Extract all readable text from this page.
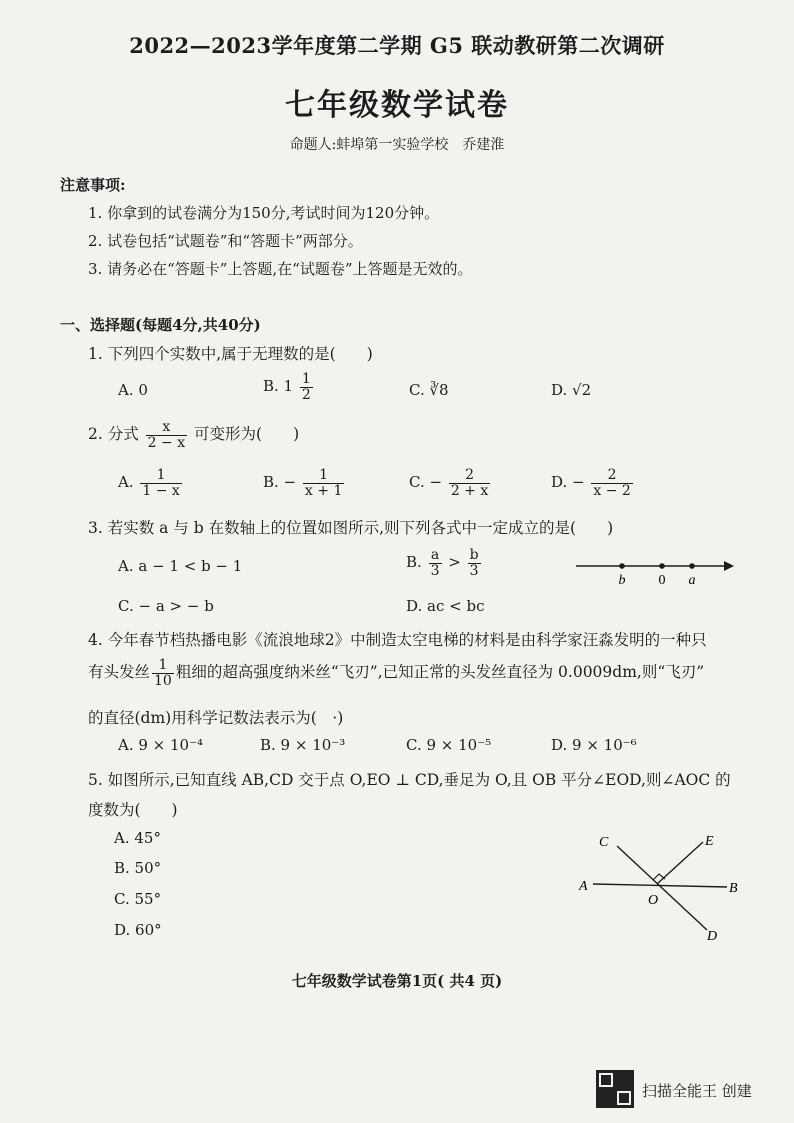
2022—2023学年度第二学期 G5 联动教研第二次调研
七年级数学试卷
命题人:蚌埠第一实验学校　乔建淮
注意事项:
1. 你拿到的试卷满分为150分,考试时间为120分钟。
2. 试卷包括“试题卷”和“答题卡”两部分。
3. 请务必在“答题卡”上答题,在“试题卷”上答题是无效的。
一、选择题(每题4分,共40分)
1. 下列四个实数中,属于无理数的是(　　)
A. 0	B. $1 \frac{1}{2}$	C. ∛8	D. √2
2. 分式 $\frac{x}{2 - x}$ 可变形为(　　)
A. $\frac{1}{1 - x}$	B. − $\frac{1}{x + 1}$	C. − $\frac{2}{2 + x}$	D. − $\frac{2}{x - 2}$
3. 若实数 a 与 b 在数轴上的位置如图所示,则下列各式中一定成立的是(　　)
A. a − 1 < b − 1	B. $\frac{a}{3} > \frac{b}{3}$
C. − a > − b	D. ac < bc
b 0 a
4. 今年春节档热播电影《流浪地球2》中制造太空电梯的材料是由科学家汪淼发明的一种只
有头发丝 $\frac{1}{10}$ 粗细的超高强度纳米丝“飞刃”,已知正常的头发丝直径为 0.0009dm,则“飞刃”
的直径(dm)用科学记数法表示为(　·)
A. 9 × 10⁻⁴	B. 9 × 10⁻³	C. 9 × 10⁻⁵	D. 9 × 10⁻⁶
5. 如图所示,已知直线 AB,CD 交于点 O,EO ⊥ CD,垂足为 O,且 OB 平分∠EOD,则∠AOC 的
度数为(　　)
A. 45°
B. 50°
C. 55°
D. 60°
A	B
C
D
E
O
七年级数学试卷第1页( 共4 页)
扫描全能王 创建
